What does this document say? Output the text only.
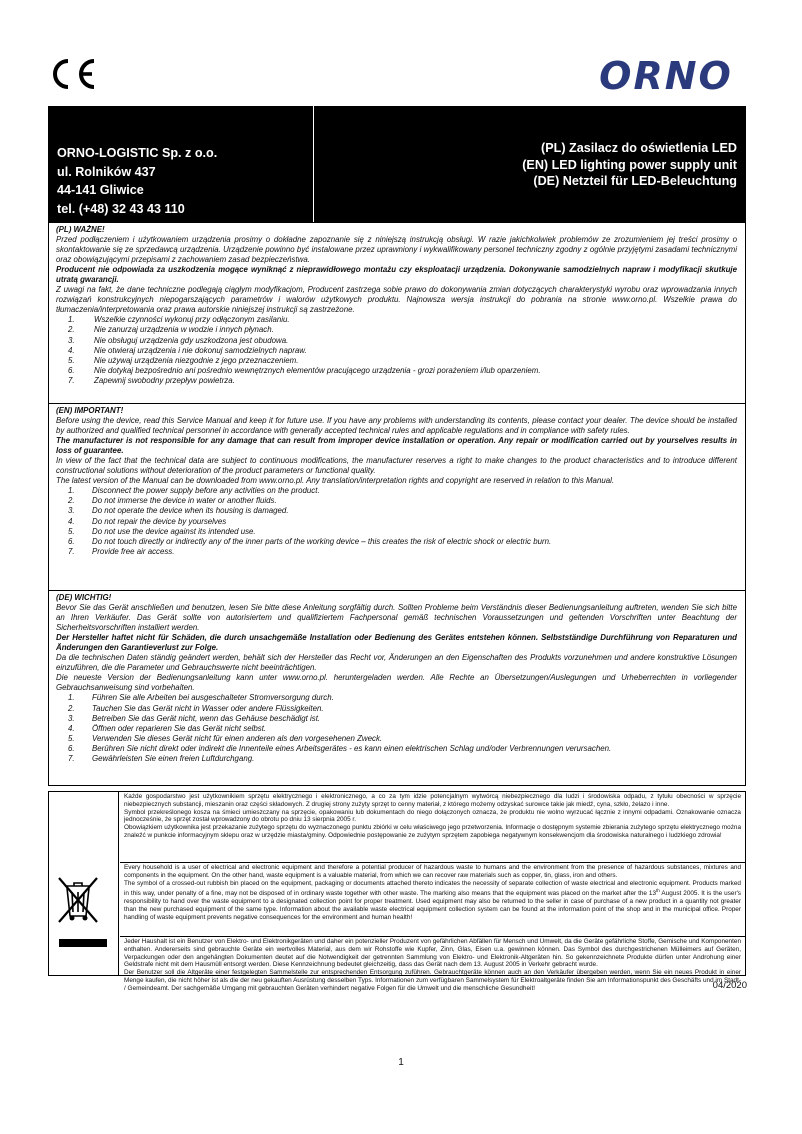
ORNO
ORNO-LOGISTIC Sp. z o.o.
ul. Rolników 437
44-141 Gliwice
tel. (+48) 32 43 43 110
(PL) Zasilacz do oświetlenia LED
(EN) LED lighting power supply unit
(DE) Netzteil für LED-Beleuchtung
(PL) WAŻNE!
Przed podłączeniem i użytkowaniem urządzenia prosimy o dokładne zapoznanie się z niniejszą instrukcją obsługi. W razie jakichkolwiek problemów ze zrozumieniem jej treści prosimy o skontaktowanie się ze sprzedawcą urządzenia. Urządzenie powinno być instalowane przez uprawniony i wykwalifikowany personel techniczny zgodny z ogólnie przyjętymi zasadami technicznymi oraz obowiązującymi przepisami z zachowaniem zasad bezpieczeństwa.
Producent nie odpowiada za uszkodzenia mogące wyniknąć z nieprawidłowego montażu czy eksploatacji urządzenia. Dokonywanie samodzielnych napraw i modyfikacji skutkuje utratą gwarancji.
Z uwagi na fakt, że dane techniczne podlegają ciągłym modyfikacjom, Producent zastrzega sobie prawo do dokonywania zmian dotyczących charakterystyki wyrobu oraz wprowadzania innych rozwiązań konstrukcyjnych niepogarszających parametrów i walorów użytkowych produktu. Najnowsza wersja instrukcji do pobrania na stronie www.orno.pl. Wszelkie prawa do tłumaczenia/interpretowania oraz prawa autorskie niniejszej instrukcji są zastrzeżone.
1.	Wszelkie czynności wykonuj przy odłączonym zasilaniu.
2.	Nie zanurzaj urządzenia w wodzie i innych płynach.
3.	Nie obsługuj urządzenia gdy uszkodzona jest obudowa.
4.	Nie otwieraj urządzenia i nie dokonuj samodzielnych napraw.
5.	Nie używaj urządzenia niezgodnie z jego przeznaczeniem.
6.	Nie dotykaj bezpośrednio ani pośrednio wewnętrznych elementów pracującego urządzenia - grozi porażeniem i/lub oparzeniem.
7.	Zapewnij swobodny przepływ powietrza.
(EN) IMPORTANT!
Before using the device, read this Service Manual and keep it for future use. If you have any problems with understanding its contents, please contact your dealer. The device should be installed by authorized and qualified technical personnel in accordance with generally accepted technical rules and applicable regulations and in compliance with safety rules.
The manufacturer is not responsible for any damage that can result from improper device installation or operation. Any repair or modification carried out by yourselves results in loss of guarantee.
In view of the fact that the technical data are subject to continuous modifications, the manufacturer reserves a right to make changes to the product characteristics and to introduce different constructional solutions without deterioration of the product parameters or functional quality.
The latest version of the Manual can be downloaded from www.orno.pl. Any translation/interpretation rights and copyright are reserved in relation to this Manual.
1.	Disconnect the power supply before any activities on the product.
2.	Do not immerse the device in water or another fluids.
3.	Do not operate the device when its housing is damaged.
4.	Do not repair the device by yourselves
5.	Do not use the device against its intended use.
6.	Do not touch directly or indirectly any of the inner parts of the working device – this creates the risk of electric shock or electric burn.
7.	Provide free air access.
(DE) WICHTIG!
Bevor Sie das Gerät anschließen und benutzen, lesen Sie bitte diese Anleitung sorgfältig durch. Sollten Probleme beim Verständnis dieser Bedienungsanleitung auftreten, wenden Sie sich bitte an Ihren Verkäufer. Das Gerät sollte von autorisiertem und qualifiziertem Fachpersonal gemäß technischen Voraussetzungen und geltenden Vorschriften unter Beachtung der Sicherheitsvorschriften installiert werden.
Der Hersteller haftet nicht für Schäden, die durch unsachgemäße Installation oder Bedienung des Gerätes entstehen können. Selbstständige Durchführung von Reparaturen und Änderungen den Garantieverlust zur Folge.
Da die technischen Daten ständig geändert werden, behält sich der Hersteller das Recht vor, Änderungen an den Eigenschaften des Produkts vorzunehmen und andere konstruktive Lösungen einzuführen, die die Parameter und Gebrauchswerte nicht beeinträchtigen.
Die neueste Version der Bedienungsanleitung kann unter www.orno.pl. heruntergeladen werden. Alle Rechte an Übersetzungen/Auslegungen und Urheberrechten in vorliegender Gebrauchsanweisung sind vorbehalten.
1.	Führen Sie alle Arbeiten bei ausgeschalteter Stromversorgung durch.
2.	Tauchen Sie das Gerät nicht in Wasser oder andere Flüssigkeiten.
3.	Betreiben Sie das Gerät nicht, wenn das Gehäuse beschädigt ist.
4.	Öffnen oder reparieren Sie das Gerät nicht selbst.
5.	Verwenden Sie dieses Gerät nicht für einen anderen als den vorgesehenen Zweck.
6.	Berühren Sie nicht direkt oder indirekt die Innenteile eines Arbeitsgerätes - es kann einen elektrischen Schlag und/oder Verbrennungen verursachen.
7.	Gewährleisten Sie einen freien Luftdurchgang.
Każde gospodarstwo jest użytkownikiem sprzętu elektrycznego i elektronicznego, a co za tym idzie potencjalnym wytwórcą niebezpiecznego dla ludzi i środowiska odpadu, z tytułu obecności w sprzęcie niebezpiecznych substancji, mieszanin oraz części składowych. Z drugiej strony zużyty sprzęt to cenny materiał, z którego możemy odzyskać surowce takie jak miedź, cyna, szkło, żelazo i inne.
Symbol przekreślonego kosza na śmieci umieszczany na sprzęcie, opakowaniu lub dokumentach do niego dołączonych oznacza, że produktu nie wolno wyrzucać łącznie z innymi odpadami. Oznakowanie oznacza jednocześnie, że sprzęt został wprowadzony do obrotu po dniu 13 sierpnia 2005 r.
Obowiązkiem użytkownika jest przekazanie zużytego sprzętu do wyznaczonego punktu zbiórki w celu właściwego jego przetworzenia. Informacje o dostępnym systemie zbierania zużytego sprzętu elektrycznego można znaleźć w punkcie informacyjnym sklepu oraz w urzędzie miasta/gminy. Odpowiednie postępowanie ze zużytym sprzętem zapobiega negatywnym konsekwencjom dla środowiska naturalnego i ludzkiego zdrowia!
Every household is a user of electrical and electronic equipment and therefore a potential producer of hazardous waste to humans and the environment from the presence of hazardous substances, mixtures and components in the equipment. On the other hand, waste equipment is a valuable material, from which we can recover raw materials such as copper, tin, glass, iron and others.
The symbol of a crossed-out rubbish bin placed on the equipment, packaging or documents attached thereto indicates the necessity of separate collection of waste electrical and electronic equipment. Products marked in this way, under penalty of a fine, may not be disposed of in ordinary waste together with other waste. The marking also means that the equipment was placed on the market after the 13th August 2005. It is the user's responsibility to hand over the waste equipment to a designated collection point for proper treatment. Used equipment may also be returned to the seller in case of purchase of a new product in a quantity not greater than the new purchased equipment of the same type. Information about the available waste electrical equipment collection system can be found at the information point of the shop and in the municipal office. Proper handling of waste equipment prevents negative consequences for the environment and human health!
Jeder Haushalt ist ein Benutzer von Elektro- und Elektronikgeräten und daher ein potenzieller Produzent von gefährlichen Abfällen für Mensch und Umwelt, da die Geräte gefährliche Stoffe, Gemische und Komponenten enthalten. Andererseits sind gebrauchte Geräte ein wertvolles Material, aus dem wir Rohstoffe wie Kupfer, Zinn, Glas, Eisen u.a. gewinnen können. Das Symbol des durchgestrichenen Mülleimers auf Geräten, Verpackungen oder den angehängten Dokumenten deutet auf die Notwendigkeit der getrennten Sammlung von Elektro- und Elektronik-Altgeräten hin. So gekennzeichnete Produkte dürfen unter Androhung einer Geldstrafe nicht mit dem Hausmüll entsorgt werden. Diese Kennzeichnung bedeutet gleichzeitig, dass das Gerät nach dem 13. August 2005 in Verkehr gebracht wurde.
Der Benutzer soll die Altgeräte einer festgelegten Sammelstelle zur entsprechenden Entsorgung zuführen. Gebrauchtgeräte können auch an den Verkäufer übergeben werden, wenn Sie ein neues Produkt in einer Menge kaufen, die nicht höher ist als die der neu gekauften Ausrüstung desselben Typs. Informationen zum verfügbaren Sammelsystem für Elektroaltgeräte finden Sie am Informationspunkt des Geschäfts und im Stadt- / Gemeindeamt. Der sachgemäße Umgang mit gebrauchten Geräten verhindert negative Folgen für die Umwelt und die menschliche Gesundheit!	04/2020
1
